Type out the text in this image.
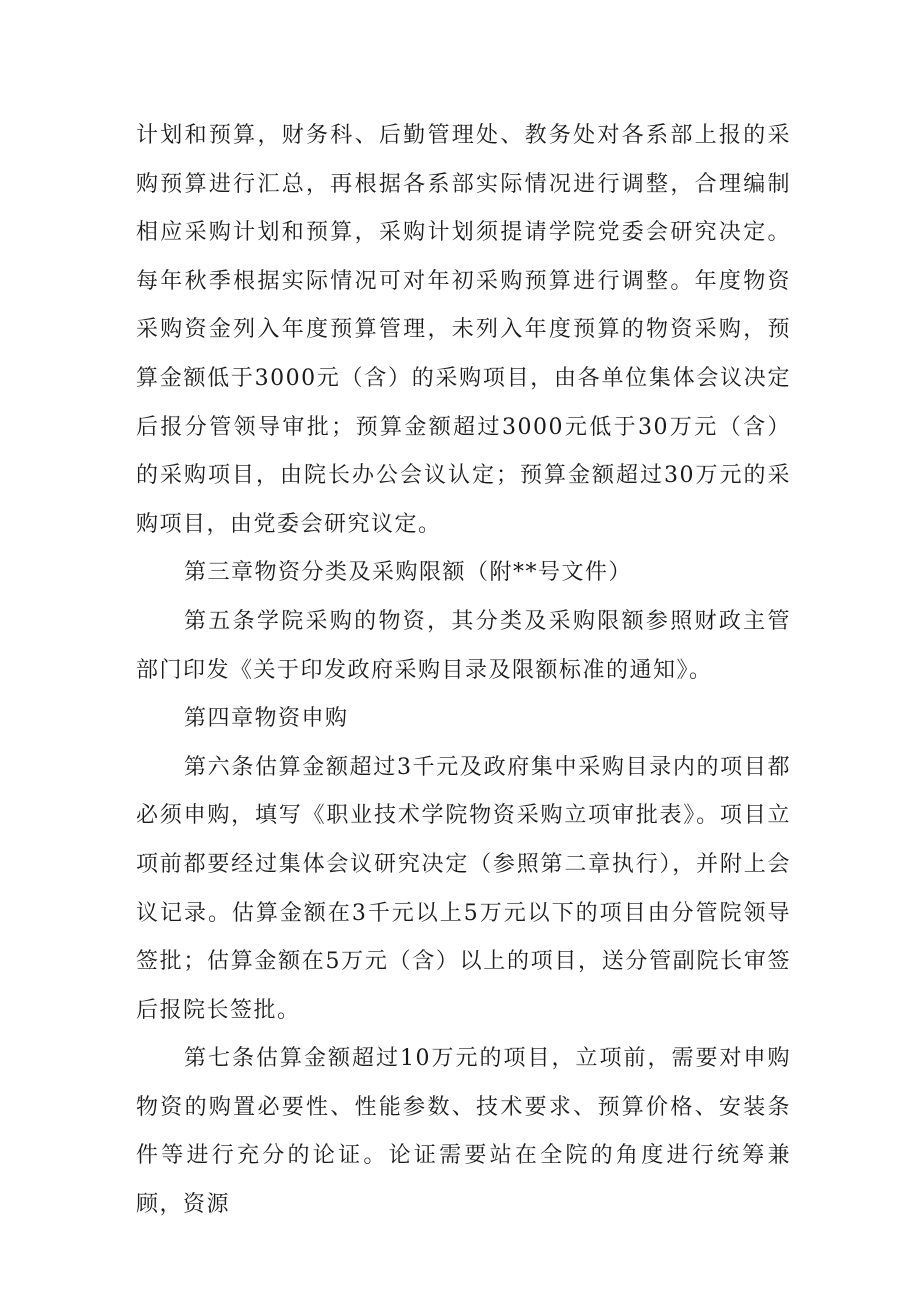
计划和预算，财务科、后勤管理处、教务处对各系部上报的采购预算进行汇总，再根据各系部实际情况进行调整，合理编制相应采购计划和预算，采购计划须提请学院党委会研究决定。每年秋季根据实际情况可对年初采购预算进行调整。年度物资采购资金列入年度预算管理，未列入年度预算的物资采购，预算金额低于3000元（含）的采购项目，由各单位集体会议决定后报分管领导审批；预算金额超过3000元低于30万元（含）的采购项目，由院长办公会议认定；预算金额超过30万元的采购项目，由党委会研究议定。

第三章物资分类及采购限额（附**号文件）

第五条学院采购的物资，其分类及采购限额参照财政主管部门印发《关于印发政府采购目录及限额标准的通知》。

第四章物资申购

第六条估算金额超过3千元及政府集中采购目录内的项目都必须申购，填写《职业技术学院物资采购立项审批表》。项目立项前都要经过集体会议研究决定（参照第二章执行），并附上会议记录。估算金额在3千元以上5万元以下的项目由分管院领导签批；估算金额在5万元（含）以上的项目，送分管副院长审签后报院长签批。

第七条估算金额超过10万元的项目，立项前，需要对申购物资的购置必要性、性能参数、技术要求、预算价格、安装条件等进行充分的论证。论证需要站在全院的角度进行统筹兼顾，资源
